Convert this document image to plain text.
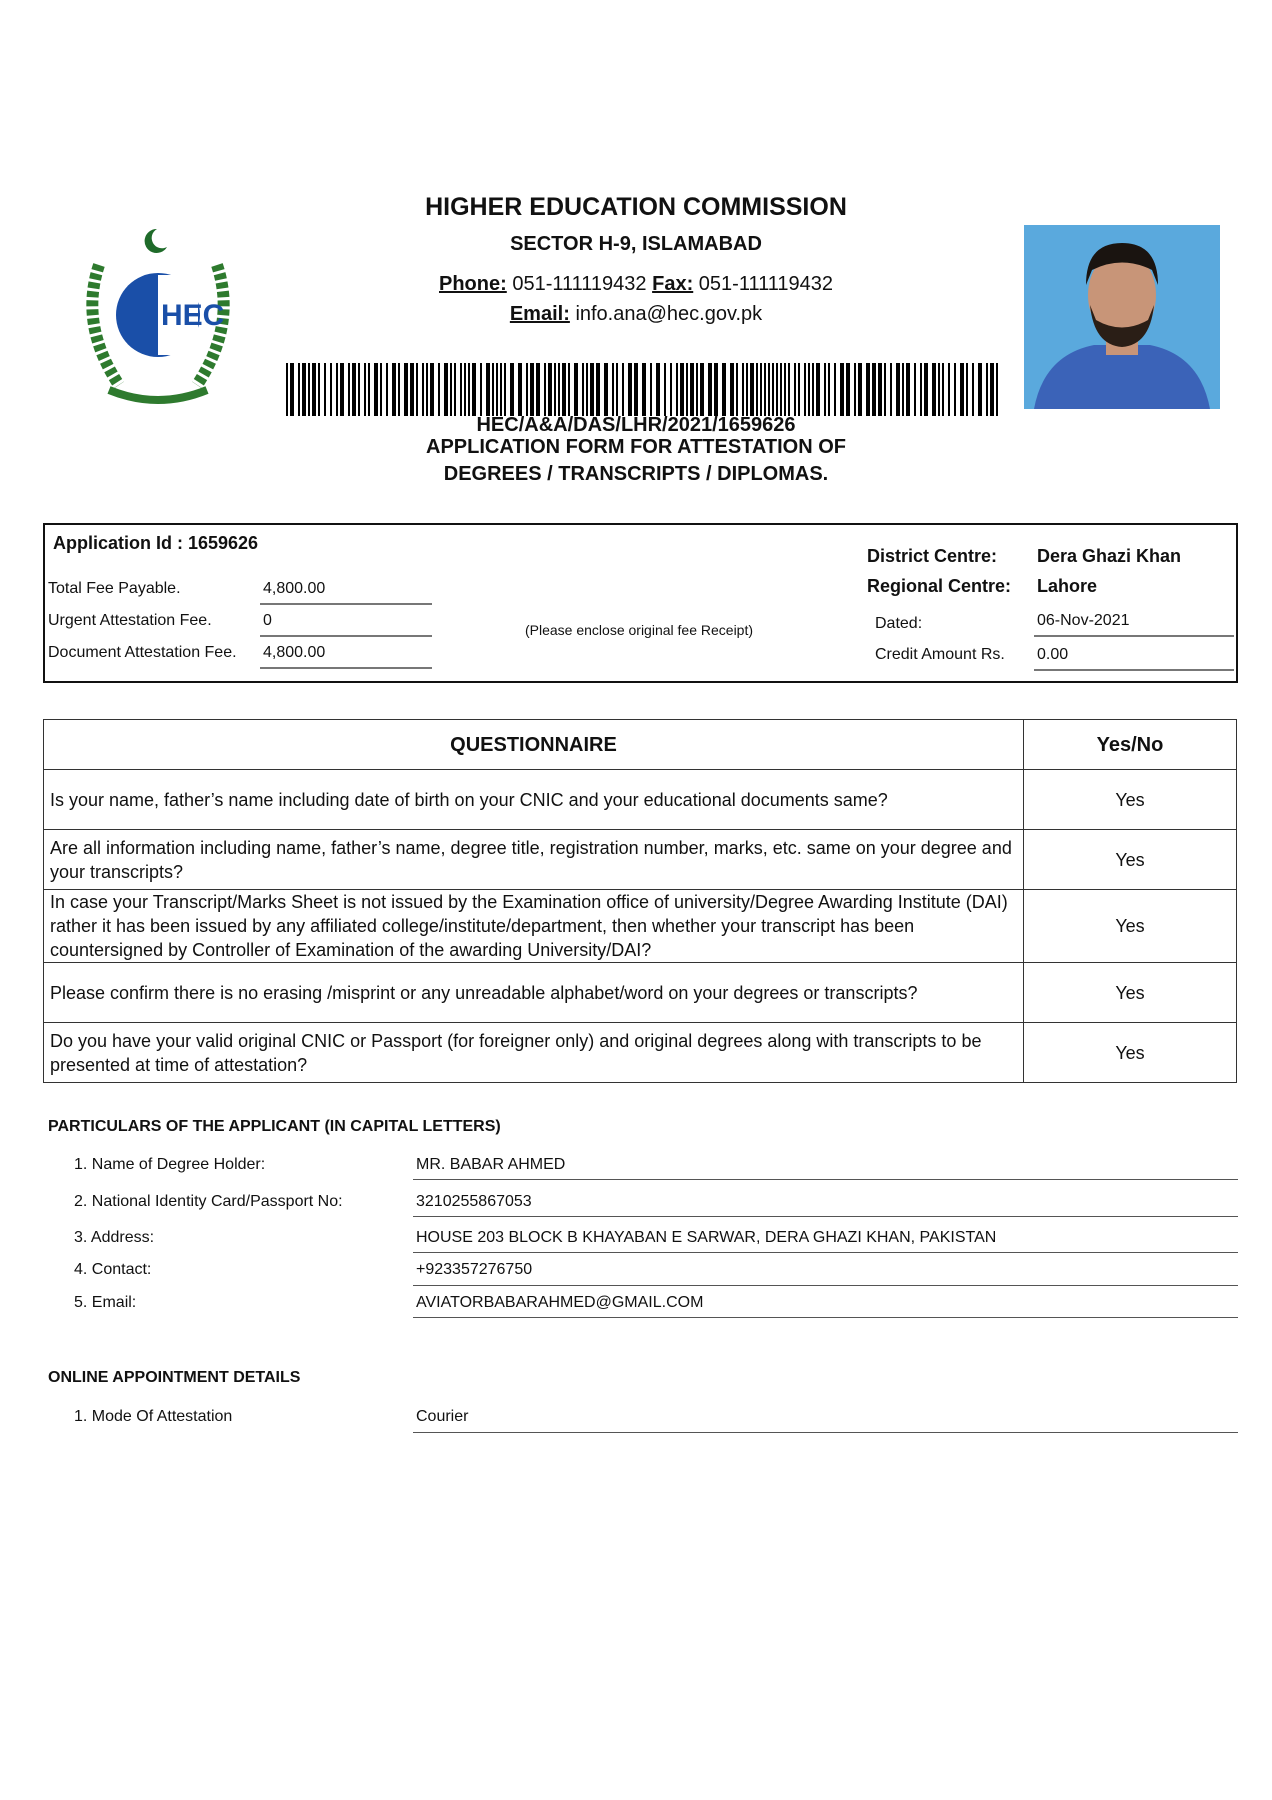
HEC
HIGHER EDUCATION COMMISSION
SECTOR H-9, ISLAMABAD
Phone: 051-111119432 Fax: 051-111119432
Email: info.ana@hec.gov.pk
HEC/A&A/DAS/LHR/2021/1659626
APPLICATION FORM FOR ATTESTATION OF
DEGREES / TRANSCRIPTS / DIPLOMAS.
Application Id : 1659626
Total Fee Payable.	4,800.00
Urgent Attestation Fee.	0
Document Attestation Fee. 4,800.00
(Please enclose original fee Receipt)
District Centre: Dera Ghazi Khan
Regional Centre: Lahore
Dated:	06-Nov-2021
Credit Amount Rs. 0.00
QUESTIONNAIRE	Yes/No
Is your name, father’s name including date of birth on your CNIC and your educational documents same?	Yes
Are all information including name, father’s name, degree title, registration number, marks, etc. same on your degree and your transcripts?	Yes
In case your Transcript/Marks Sheet is not issued by the Examination office of university/Degree Awarding Institute (DAI) rather it has been issued by any affiliated college/institute/department, then whether your transcript has been countersigned by Controller of Examination of the awarding University/DAI?	Yes
Please confirm there is no erasing /misprint or any unreadable alphabet/word on your degrees or transcripts?	Yes
Do you have your valid original CNIC or Passport (for foreigner only) and original degrees along with transcripts to be presented at time of attestation?	Yes
PARTICULARS OF THE APPLICANT (IN CAPITAL LETTERS)
1. Name of Degree Holder:	MR. BABAR AHMED
2. National Identity Card/Passport No:	3210255867053
3. Address:	HOUSE 203 BLOCK B KHAYABAN E SARWAR, DERA GHAZI KHAN, PAKISTAN
4. Contact:	+923357276750
5. Email:	AVIATORBABARAHMED@GMAIL.COM
ONLINE APPOINTMENT DETAILS
1. Mode Of Attestation	Courier
